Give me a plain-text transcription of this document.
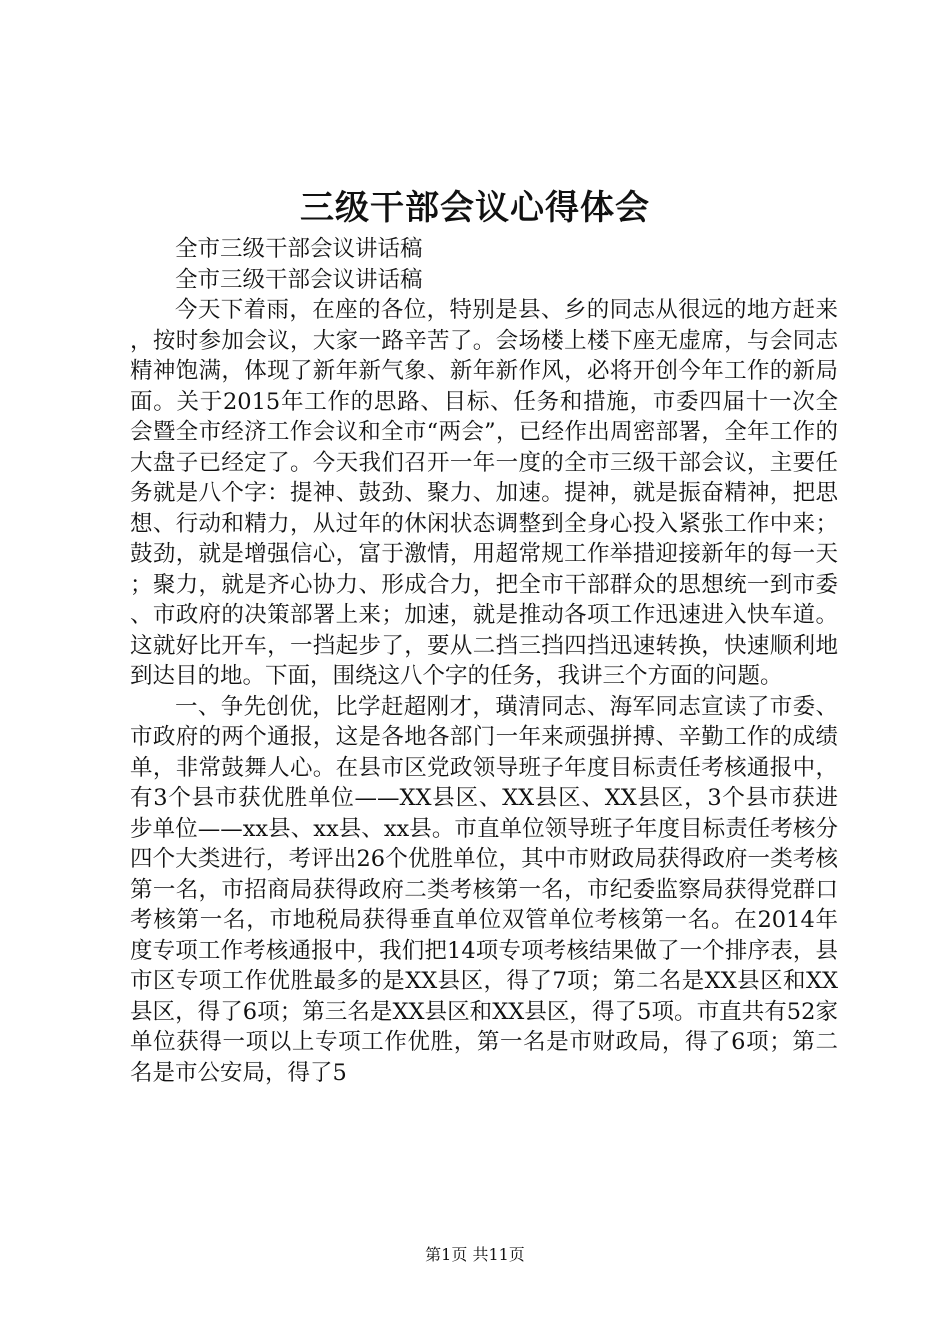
三级干部会议心得体会

全市三级干部会议讲话稿

全市三级干部会议讲话稿

今天下着雨，在座的各位，特别是县、乡的同志从很远的地方赶来，按时参加会议，大家一路辛苦了。会场楼上楼下座无虚席，与会同志精神饱满，体现了新年新气象、新年新作风，必将开创今年工作的新局面。关于2015年工作的思路、目标、任务和措施，市委四届十一次全会暨全市经济工作会议和全市“两会”，已经作出周密部署，全年工作的大盘子已经定了。今天我们召开一年一度的全市三级干部会议，主要任务就是八个字：提神、鼓劲、聚力、加速。提神，就是振奋精神，把思想、行动和精力，从过年的休闲状态调整到全身心投入紧张工作中来；鼓劲，就是增强信心，富于激情，用超常规工作举措迎接新年的每一天；聚力，就是齐心协力、形成合力，把全市干部群众的思想统一到市委、市政府的决策部署上来；加速，就是推动各项工作迅速进入快车道。这就好比开车，一挡起步了，要从二挡三挡四挡迅速转换，快速顺利地到达目的地。下面，围绕这八个字的任务，我讲三个方面的问题。

一、争先创优，比学赶超刚才，璜清同志、海军同志宣读了市委、市政府的两个通报，这是各地各部门一年来顽强拼搏、辛勤工作的成绩单，非常鼓舞人心。在县市区党政领导班子年度目标责任考核通报中，有3个县市获优胜单位——XX县区、XX县区、XX县区，3个县市获进步单位——xx县、xx县、xx县。市直单位领导班子年度目标责任考核分四个大类进行，考评出26个优胜单位，其中市财政局获得政府一类考核第一名，市招商局获得政府二类考核第一名，市纪委监察局获得党群口考核第一名，市地税局获得垂直单位双管单位考核第一名。在2014年度专项工作考核通报中，我们把14项专项考核结果做了一个排序表，县市区专项工作优胜最多的是XX县区，得了7项；第二名是XX县区和XX县区，得了6项；第三名是XX县区和XX县区，得了5项。市直共有52家单位获得一项以上专项工作优胜，第一名是市财政局，得了6项；第二名是市公安局，得了5

第1页 共11页
